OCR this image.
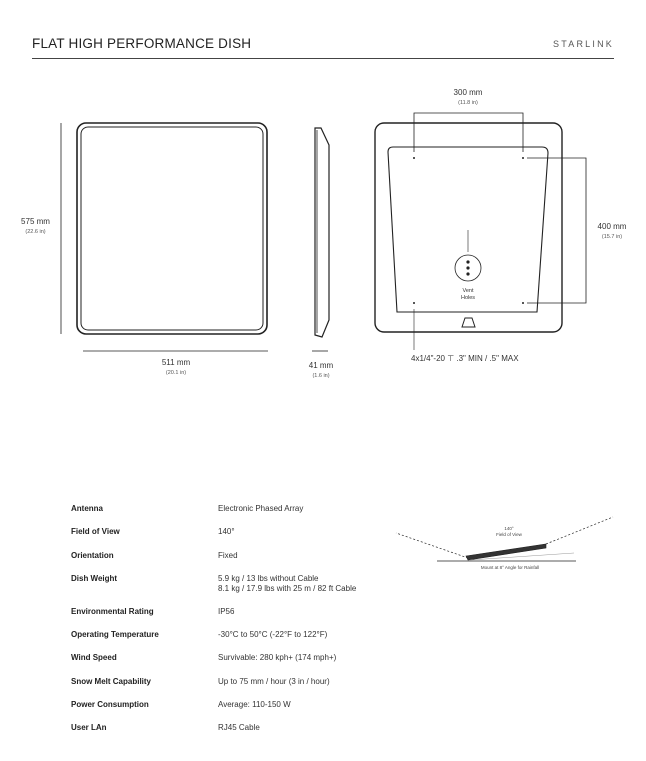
FLAT HIGH PERFORMANCE DISH	STARLINK
575 mm
(22.6 in)
511 mm
(20.1 in)
41 mm
(1.6 in)
300 mm
(11.8 in)
400 mm
(15.7 in)
Vent
Holes
4x1/4"-20 ⊤ .3" MIN / .5" MAX
140°
Field of View
Mount at 8° Angle for Rainfall
Antenna	Electronic Phased Array
Field of View	140°
Orientation	Fixed
Dish Weight	5.9 kg / 13 lbs without Cable
8.1 kg / 17.9 lbs with 25 m / 82 ft Cable
Environmental Rating	IP56
Operating Temperature	-30°C to 50°C (-22°F to 122°F)
Wind Speed	Survivable: 280 kph+ (174 mph+)
Snow Melt Capability	Up to 75 mm / hour (3 in / hour)
Power Consumption	Average: 110-150 W
User LAn	RJ45 Cable
